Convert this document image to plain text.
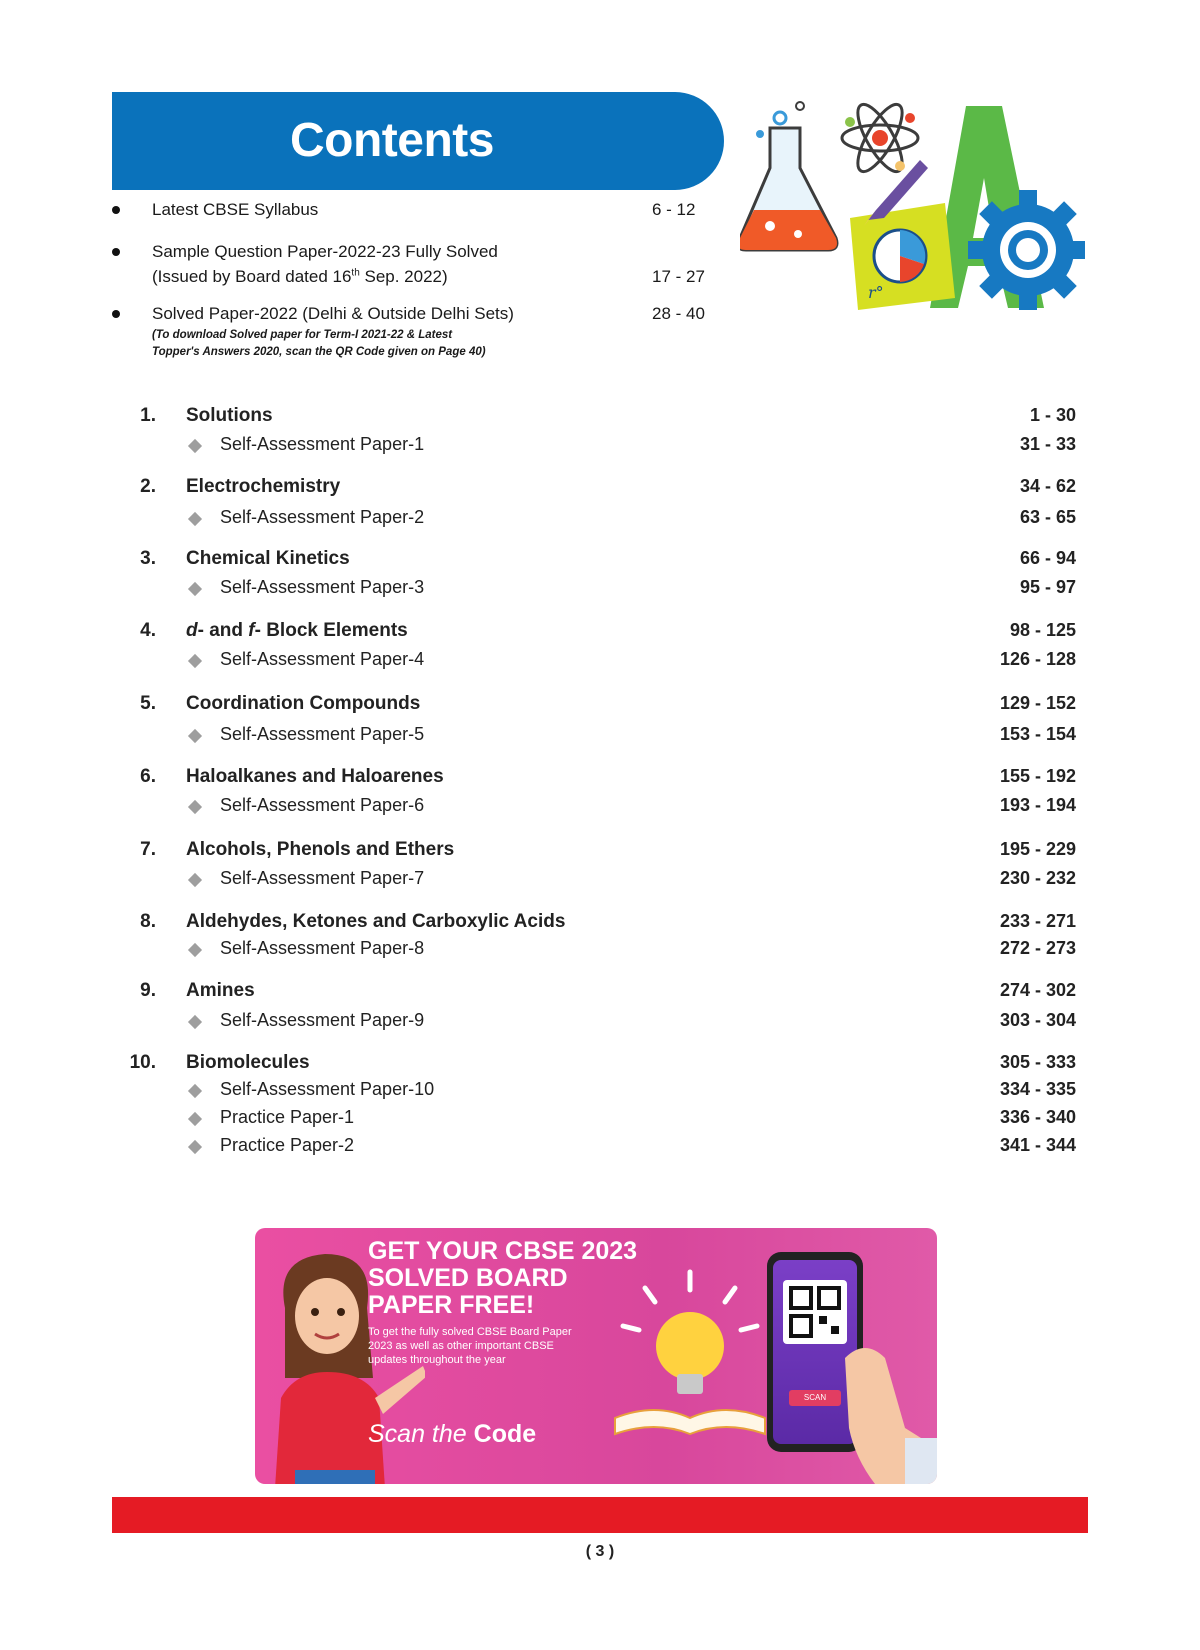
Contents
r°
Latest CBSE Syllabus	6 - 12
Sample Question Paper-2022-23 Fully Solved
(Issued by Board dated 16th Sep. 2022)	17 - 27
Solved Paper-2022 (Delhi & Outside Delhi Sets)	28 - 40
(To download Solved paper for Term-I 2021-22 & Latest
Topper's Answers 2020, scan the QR Code given on Page 40)
1. Solutions	1 - 30
Self-Assessment Paper-1	31 - 33
2. Electrochemistry	34 - 62
Self-Assessment Paper-2	63 - 65
3. Chemical Kinetics	66 - 94
Self-Assessment Paper-3	95 - 97
4. d- and f- Block Elements	98 - 125
Self-Assessment Paper-4	126 - 128
5. Coordination Compounds	129 - 152
Self-Assessment Paper-5	153 - 154
6. Haloalkanes and Haloarenes	155 - 192
Self-Assessment Paper-6	193 - 194
7. Alcohols, Phenols and Ethers	195 - 229
Self-Assessment Paper-7	230 - 232
8. Aldehydes, Ketones and Carboxylic Acids	233 - 271
Self-Assessment Paper-8	272 - 273
9. Amines	274 - 302
Self-Assessment Paper-9	303 - 304
10. Biomolecules	305 - 333
Self-Assessment Paper-10	334 - 335
Practice Paper-1	336 - 340
Practice Paper-2	341 - 344
GET YOUR CBSE 2023
SOLVED BOARD
PAPER FREE!
To get the fully solved CBSE Board Paper
2023 as well as other important CBSE
updates throughout the year
Scan the Code
SCAN
( 3 )
